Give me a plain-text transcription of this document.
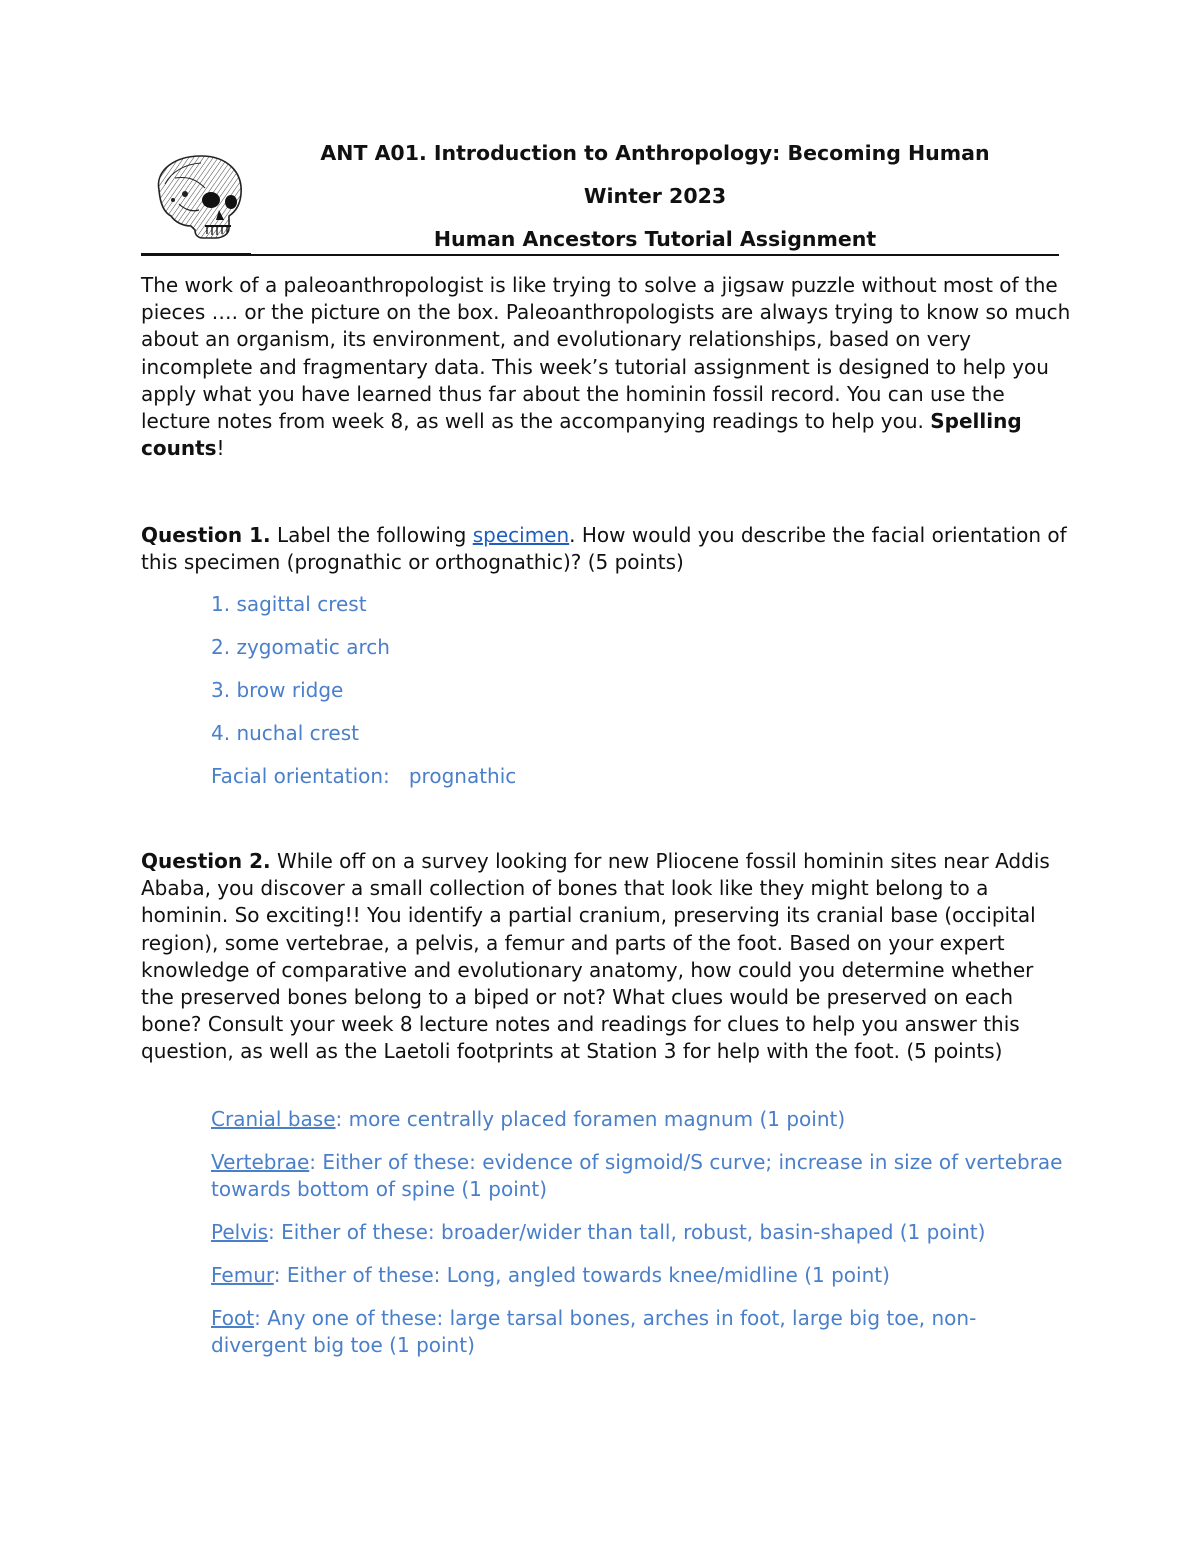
ANT A01. Introduction to Anthropology: Becoming Human
Winter 2023
Human Ancestors Tutorial Assignment

The work of a paleoanthropologist is like trying to solve a jigsaw puzzle without most of the pieces …. or the picture on the box. Paleoanthropologists are always trying to know so much about an organism, its environment, and evolutionary relationships, based on very incomplete and fragmentary data. This week’s tutorial assignment is designed to help you apply what you have learned thus far about the hominin fossil record. You can use the lecture notes from week 8, as well as the accompanying readings to help you. Spelling counts!

Question 1. Label the following specimen. How would you describe the facial orientation of this specimen (prognathic or orthognathic)? (5 points)

1. sagittal crest

2. zygomatic arch

3. brow ridge

4. nuchal crest

Facial orientation:   prognathic

Question 2. While off on a survey looking for new Pliocene fossil hominin sites near Addis Ababa, you discover a small collection of bones that look like they might belong to a hominin. So exciting!! You identify a partial cranium, preserving its cranial base (occipital region), some vertebrae, a pelvis, a femur and parts of the foot. Based on your expert knowledge of comparative and evolutionary anatomy, how could you determine whether the preserved bones belong to a biped or not? What clues would be preserved on each bone? Consult your week 8 lecture notes and readings for clues to help you answer this question, as well as the Laetoli footprints at Station 3 for help with the foot. (5 points)

Cranial base: more centrally placed foramen magnum (1 point)

Vertebrae: Either of these: evidence of sigmoid/S curve; increase in size of vertebrae towards bottom of spine (1 point)

Pelvis: Either of these: broader/wider than tall, robust, basin-shaped (1 point)

Femur: Either of these: Long, angled towards knee/midline (1 point)

Foot: Any one of these: large tarsal bones, arches in foot, large big toe, non-divergent big toe (1 point)
